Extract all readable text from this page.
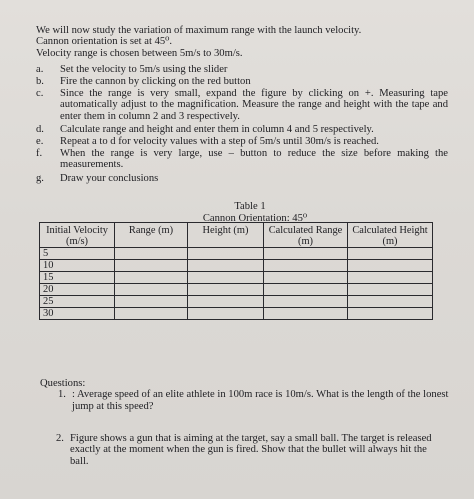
We will now study the variation of maximum range with the launch velocity.

Cannon orientation is set at 45⁰.

Velocity range is chosen between 5m/s to 30m/s.

a.	Set the velocity to 5m/s using the slider
b.	Fire the cannon by clicking on the red button
c.	Since the range is very small, expand the figure by clicking on +. Measuring tape automatically adjust to the magnification. Measure the range and height with the tape and enter them in column 2 and 3 respectively.
d.	Calculate range and height and enter them in column 4 and 5 respectively.
e.	Repeat a to d for velocity values with a step of 5m/s until 30m/s is reached.
f.	When the range is very large, use – button to reduce the size before making the measurements.
g.	Draw your conclusions
Table 1
Cannon Orientation: 45⁰
Initial Velocity (m/s)	Range (m)	Height (m)	Calculated Range (m)	Calculated Height (m)
5				
10				
15				
20				
25				
30				

Questions:

1. : Average speed of an elite athlete in 100m race is 10m/s. What is the length of the lonest jump at this speed?
2. Figure shows a gun that is aiming at the target, say a small ball. The target is released exactly at the moment when the gun is fired. Show that the bullet will always hit the ball.
